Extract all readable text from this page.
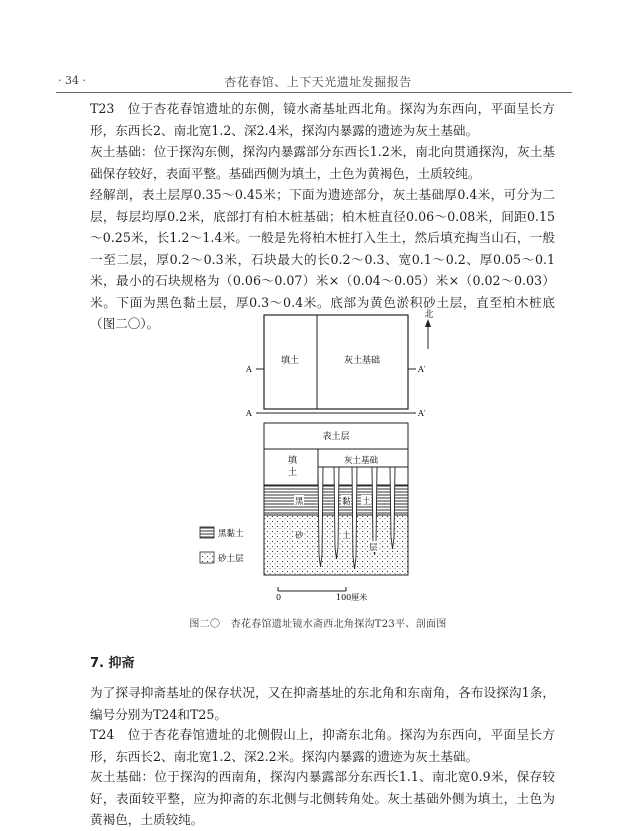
· 34 ·	杏花春馆、上下天光遗址发掘报告
T23　位于杏花春馆遗址的东侧，镜水斋基址西北角。探沟为东西向，平面呈长方形，东西长2、南北宽1.2、深2.4米，探沟内暴露的遗迹为灰土基础。
灰土基础：位于探沟东侧，探沟内暴露部分东西长1.2米，南北向贯通探沟，灰土基础保存较好，表面平整。基础西侧为填土，土色为黄褐色，土质较纯。
经解剖，表土层厚0.35～0.45米；下面为遗迹部分，灰土基础厚0.4米，可分为二层，每层均厚0.2米，底部打有柏木桩基础；柏木桩直径0.06～0.08米，间距0.15～0.25米，长1.2～1.4米。一般是先将柏木桩打入生土，然后填充掏当山石，一般一至二层，厚0.2～0.3米，石块最大的长0.2～0.3、宽0.1～0.2、厚0.05～0.1米，最小的石块规格为（0.06～0.07）米×（0.04～0.05）米×（0.02～0.03）米。下面为黑色黏土层，厚0.3～0.4米。底部为黄色淤积砂土层，直至柏木桩底（图二〇）。
填土	灰土基础
A	A′
北
A	A′
表土层
填
土
灰土基础
黑	黏 土
砂	土
层
黑黏土
砂土层
0	100厘米
图二〇　杏花春馆遗址镜水斋西北角探沟T23平、剖面图
7. 抑斋
为了探寻抑斋基址的保存状况，又在抑斋基址的东北角和东南角，各布设探沟1条，编号分别为T24和T25。
T24　位于杏花春馆遗址的北侧假山上，抑斋东北角。探沟为东西向，平面呈长方形，东西长2、南北宽1.2、深2.2米。探沟内暴露的遗迹为灰土基础。
灰土基础：位于探沟的西南角，探沟内暴露部分东西长1.1、南北宽0.9米，保存较好，表面较平整，应为抑斋的东北侧与北侧转角处。灰土基础外侧为填土，土色为黄褐色，土质较纯。
